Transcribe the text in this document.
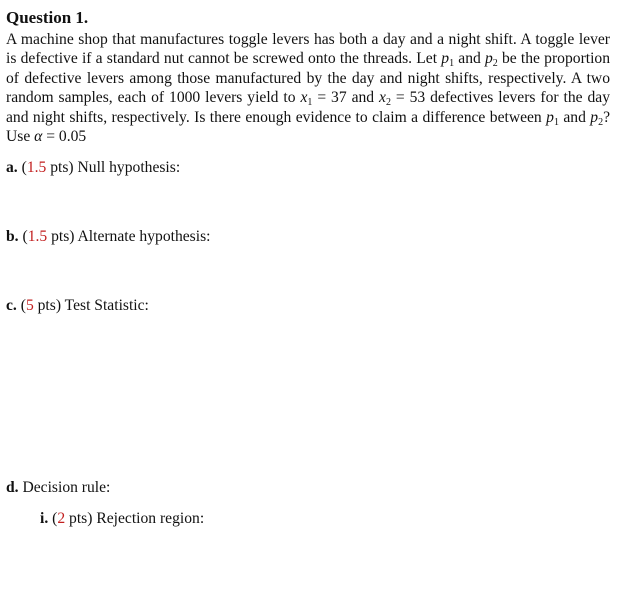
Question 1.

A machine shop that manufactures toggle levers has both a day and a night shift. A toggle lever is defective if a standard nut cannot be screwed onto the threads. Let $p_1$ and $p_2$ be the proportion of defective levers among those manufactured by the day and night shifts, respectively. A two random samples, each of 1000 levers yield to $x_1 = 37$ and $x_2 = 53$ defectives levers for the day and night shifts, respectively. Is there enough evidence to claim a difference between $p_1$ and $p_2$? Use α = 0.05

a. (1.5 pts) Null hypothesis:
b. (1.5 pts) Alternate hypothesis:
c. (5 pts) Test Statistic:
d. Decision rule:
i. (2 pts) Rejection region:
